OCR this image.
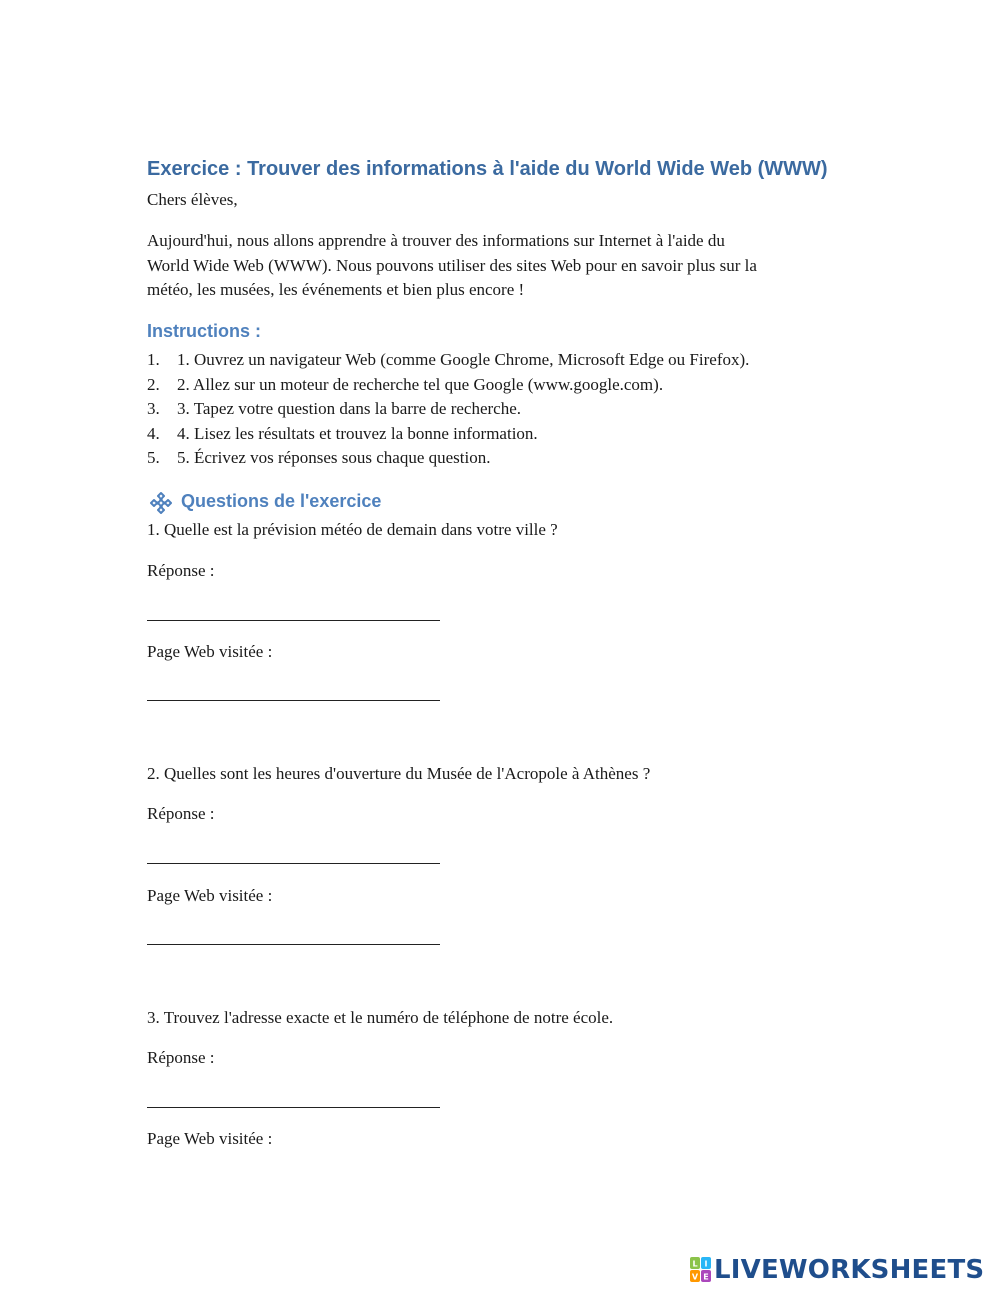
Exercice : Trouver des informations à l'aide du World Wide Web (WWW)

Chers élèves,

Aujourd'hui, nous allons apprendre à trouver des informations sur Internet à l'aide du

World Wide Web (WWW). Nous pouvons utiliser des sites Web pour en savoir plus sur la

météo, les musées, les événements et bien plus encore !

Instructions :
1. 1. Ouvrez un navigateur Web (comme Google Chrome, Microsoft Edge ou Firefox).
2. 2. Allez sur un moteur de recherche tel que Google (www.google.com).
3. 3. Tapez votre question dans la barre de recherche.
4. 4. Lisez les résultats et trouvez la bonne information.
5. 5. Écrivez vos réponses sous chaque question.
Questions de l'exercice

1. Quelle est la prévision météo de demain dans votre ville ?

Réponse :

Page Web visitée :

2. Quelles sont les heures d'ouverture du Musée de l'Acropole à Athènes ?

Réponse :

Page Web visitée :

3. Trouvez l'adresse exacte et le numéro de téléphone de notre école.

Réponse :

Page Web visitée :

L I
V E LIVEWORKSHEETS
